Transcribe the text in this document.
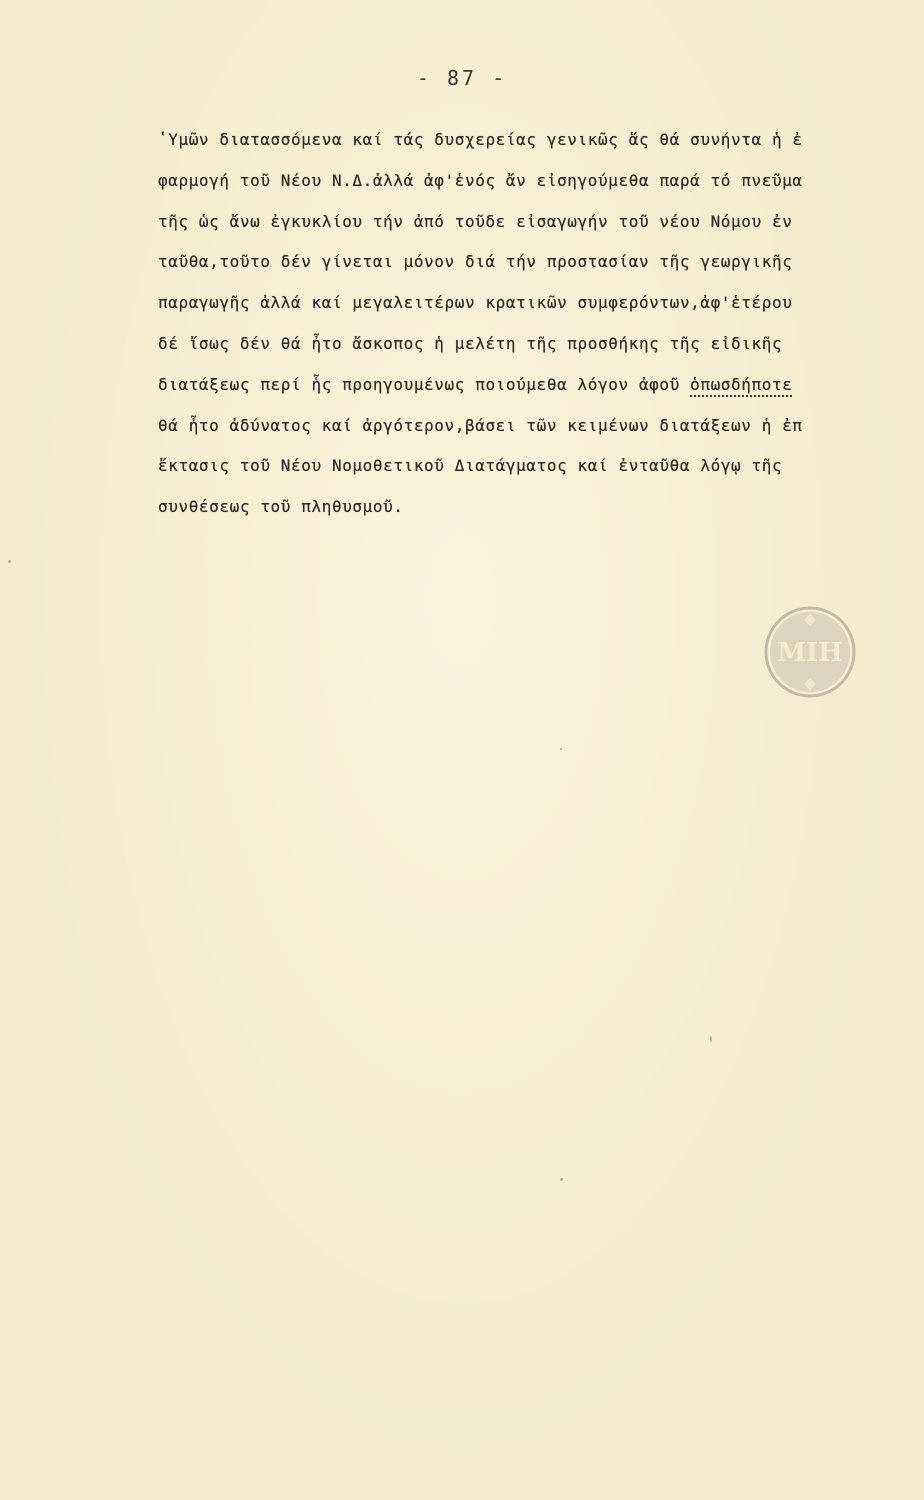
- 87 -
ʽΥμῶν διατασσόμενα καί τάς δυσχερείας γενικῶς ἅς θά συνήντα ἡ ἐ
φαρμογή τοῦ Νέου Ν.Δ.ἀλλά ἀφ'ἑνός ἄν εἰσηγούμεθα παρά τό πνεῦμα
τῆς ὡς ἄνω ἐγκυκλίου τήν ἀπό τοῦδε εἰσαγωγήν τοῦ νέου Νόμου ἐν
ταῦθα,τοῦτο δέν γίνεται μόνον διά τήν προστασίαν τῆς γεωργικῆς
παραγωγῆς ἀλλά καί μεγαλειτέρων κρατικῶν συμφερόντων,ἀφ'ἑτέρου
δέ ἴσως δέν θά ἦτο ἄσκοπος ἡ μελέτη τῆς προσθήκης τῆς εἰδικῆς
διατάξεως περί ἧς προηγουμένως ποιούμεθα λόγον ἀφοῦ ὁπωσδήποτε
θά ἦτο ἀδύνατος καί ἀργότερον,βάσει τῶν κειμένων διατάξεων ἡ ἐπ
ἔκτασις τοῦ Νέου Νομοθετικοῦ Διατάγματος καί ἐνταῦθα λόγῳ τῆς
συνθέσεως τοῦ πληθυσμοῦ.
ΜΙΗ
